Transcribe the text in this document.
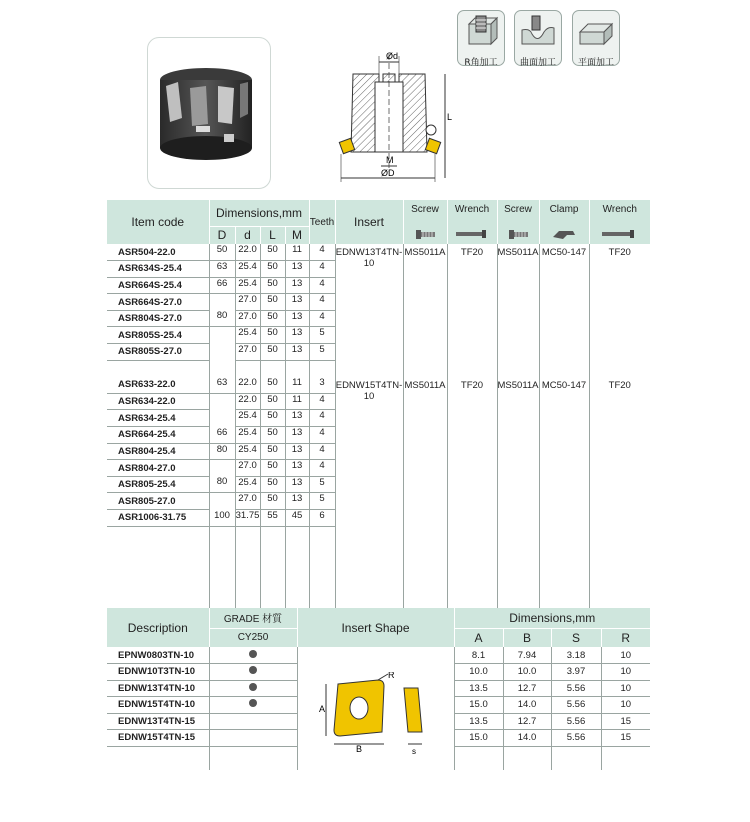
Ød
M
ØD
L
R角加工	曲面加工	平面加工
Item code	Dimensions,mm				Teeth	Insert	Screw	Wrench	Screw	Clamp	Wrench
	D	d	L	M					
ASR504-22.0	50	22.0	50	11	4	EDNW13T4TN-10	MS5011A	TF20	MS5011A	MC50-147	TF20
ASR634S-25.4	63	25.4	50	13	4						
ASR664S-25.4	66	25.4	50	13	4						
ASR664S-27.0		27.0	50	13	4						
ASR804S-27.0	80	27.0	50	13	4						
ASR805S-25.4		25.4	50	13	5						
ASR805S-27.0		27.0	50	13	5						

ASR633-22.0	63	22.0	50	11	3	EDNW15T4TN-10	MS5011A	TF20	MS5011A	MC50-147	TF20
ASR634-22.0		22.0	50	11	4						
ASR634-25.4		25.4	50	13	4						
ASR664-25.4	66	25.4	50	13	4						
ASR804-25.4	80	25.4	50	13	4						
ASR804-27.0		27.0	50	13	4						
ASR805-25.4	80	25.4	50	13	5						
ASR805-27.0		27.0	50	13	5						
ASR1006-31.75	100	31.75	55	45	6						

Description	GRADE 材質	Insert Shape	Dimensions,mm			
	CY250		A	B	S	R
EPNW0803TN-10			8.1	7.94	3.18	10
EDNW10T3TN-10			10.0	10.0	3.97	10
EDNW13T4TN-10			13.5	12.7	5.56	10
EDNW15T4TN-10			15.0	14.0	5.56	10
EDNW13T4TN-15			13.5	12.7	5.56	15
EDNW15T4TN-15			15.0	14.0	5.56	15

A
B
R
s
